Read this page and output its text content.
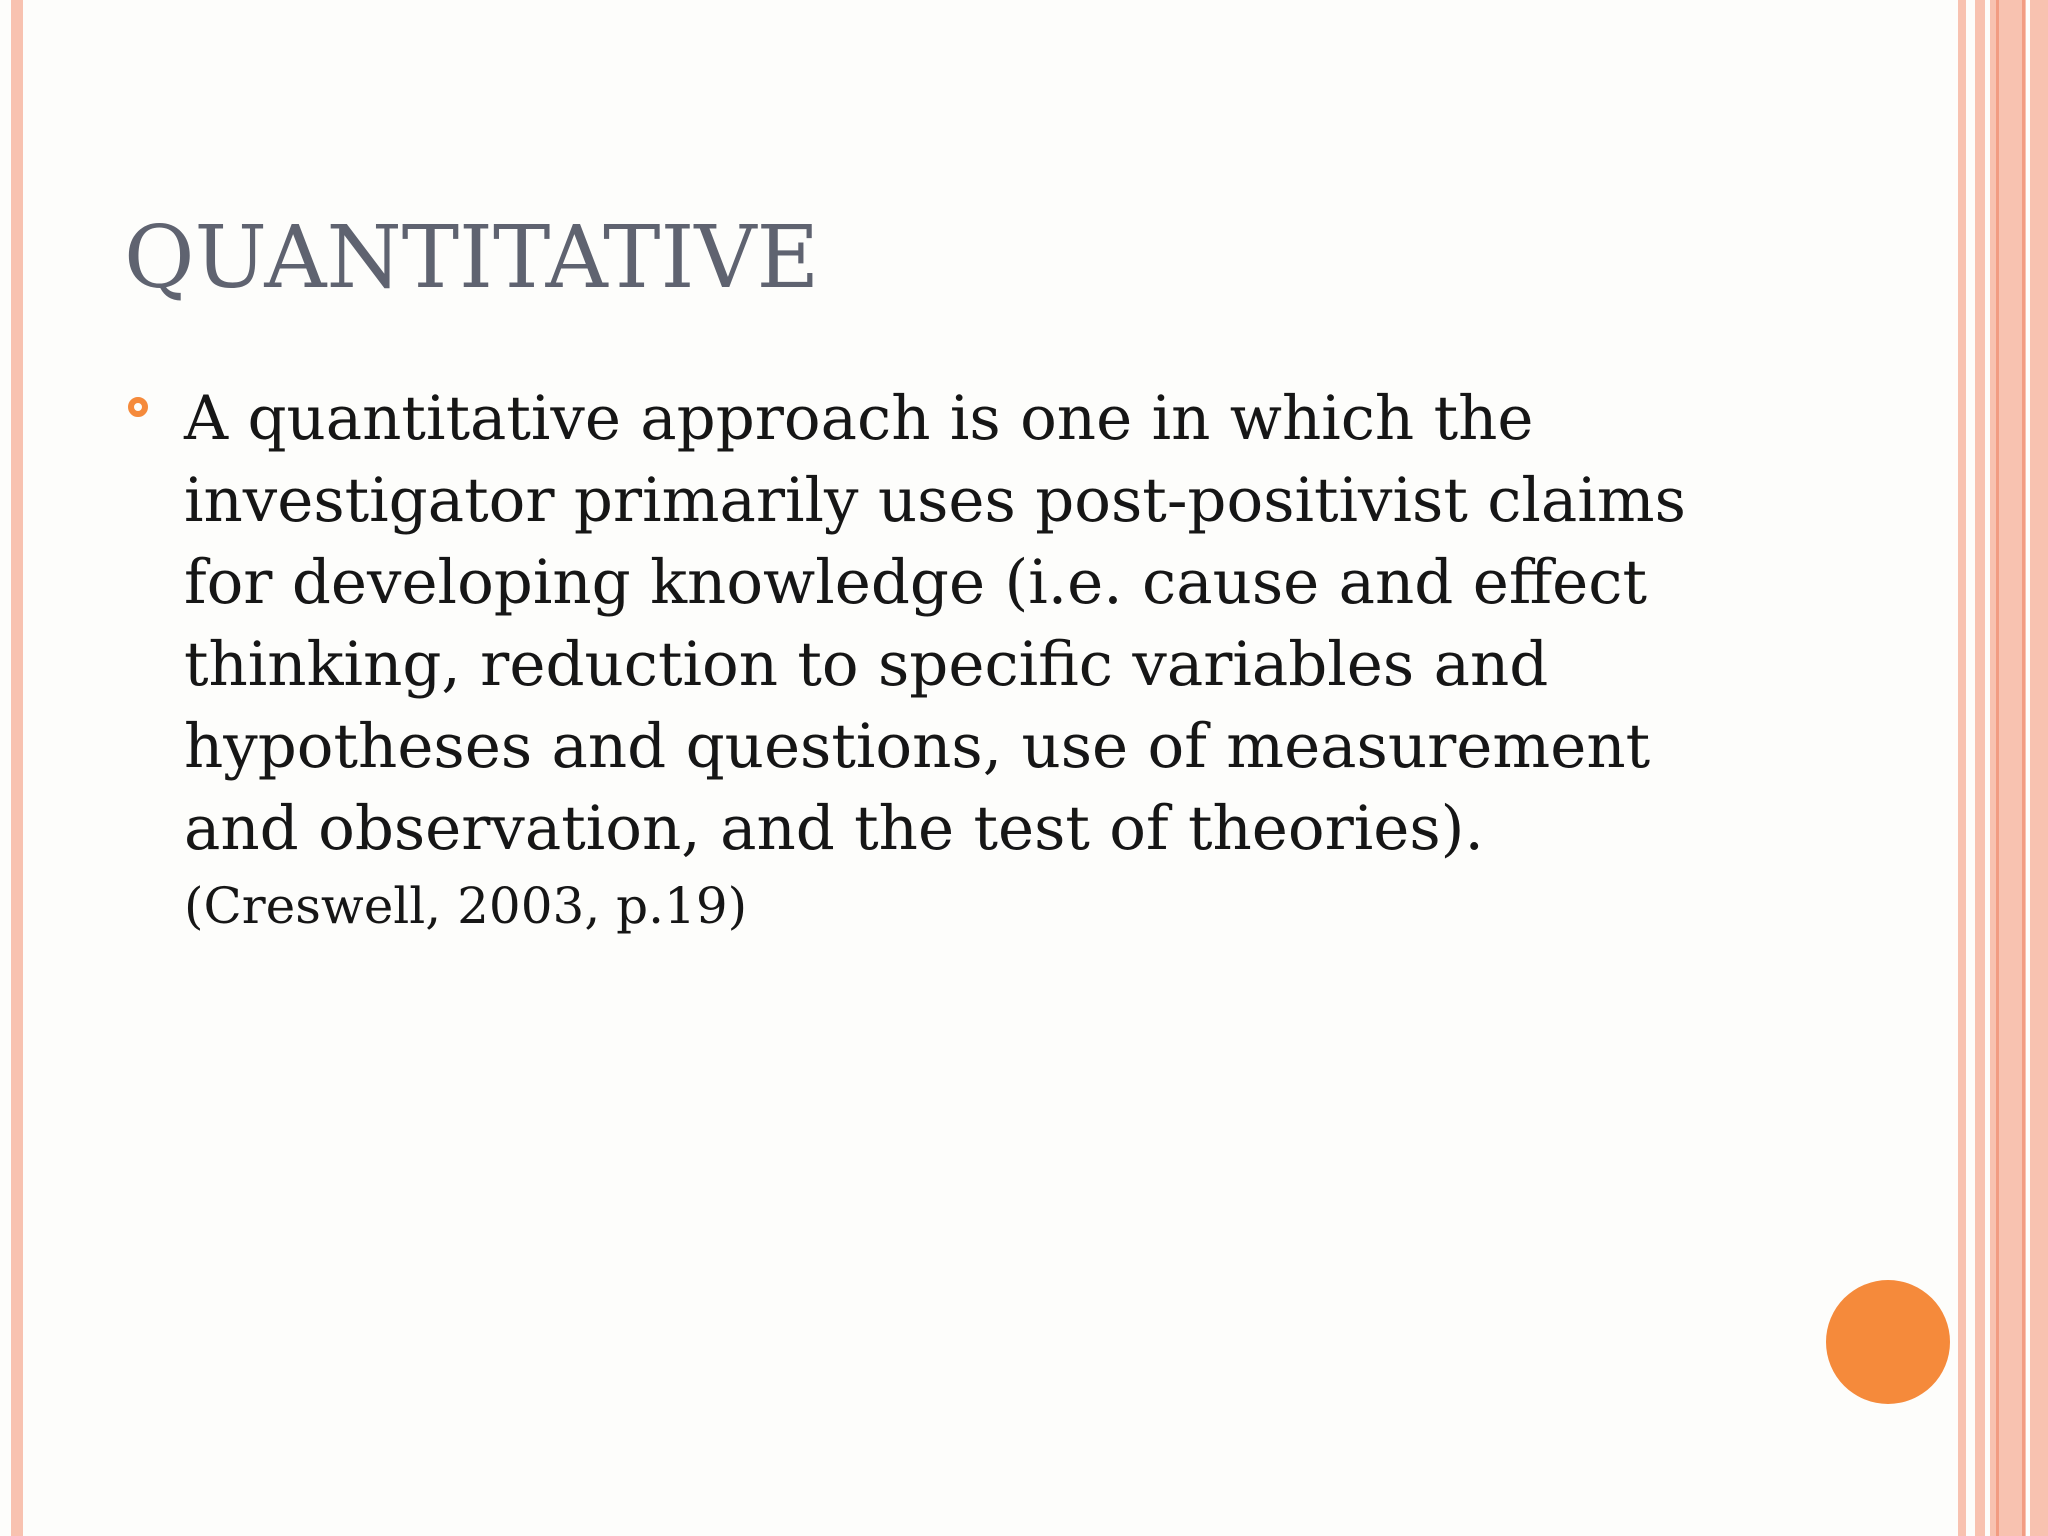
QUANTITATIVE

A quantitative approach is one in which the investigator primarily uses post-positivist claims for developing knowledge (i.e. cause and effect thinking, reduction to specific variables and hypotheses and questions, use of measurement and observation, and the test of theories).

(Creswell, 2003, p.19)
